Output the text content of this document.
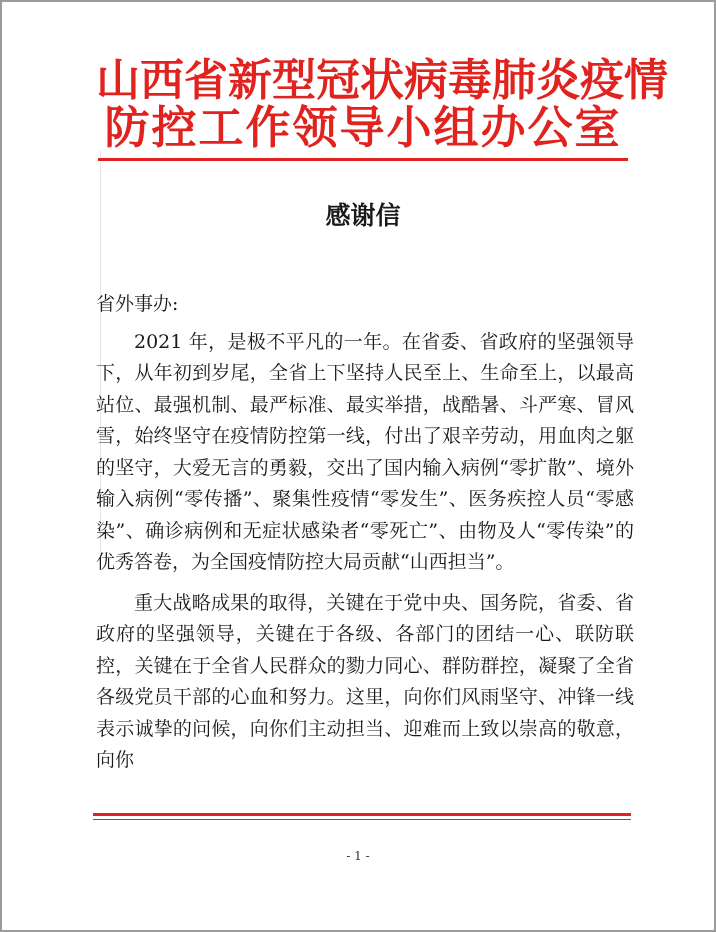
山西省新型冠状病毒肺炎疫情
防控工作领导小组办公室
感谢信

省外事办:

2021 年，是极不平凡的一年。在省委、省政府的坚强领导下，从年初到岁尾，全省上下坚持人民至上、生命至上，以最高站位、最强机制、最严标准、最实举措，战酷暑、斗严寒、冒风雪，始终坚守在疫情防控第一线，付出了艰辛劳动，用血肉之躯的坚守，大爱无言的勇毅，交出了国内输入病例“零扩散”、境外输入病例“零传播”、聚集性疫情“零发生”、医务疾控人员“零感染”、确诊病例和无症状感染者“零死亡”、由物及人“零传染”的优秀答卷，为全国疫情防控大局贡献“山西担当”。

重大战略成果的取得，关键在于党中央、国务院，省委、省政府的坚强领导，关键在于各级、各部门的团结一心、联防联控，关键在于全省人民群众的勠力同心、群防群控，凝聚了全省各级党员干部的心血和努力。这里，向你们风雨坚守、冲锋一线表示诚挚的问候，向你们主动担当、迎难而上致以崇高的敬意，向你

- 1 -
